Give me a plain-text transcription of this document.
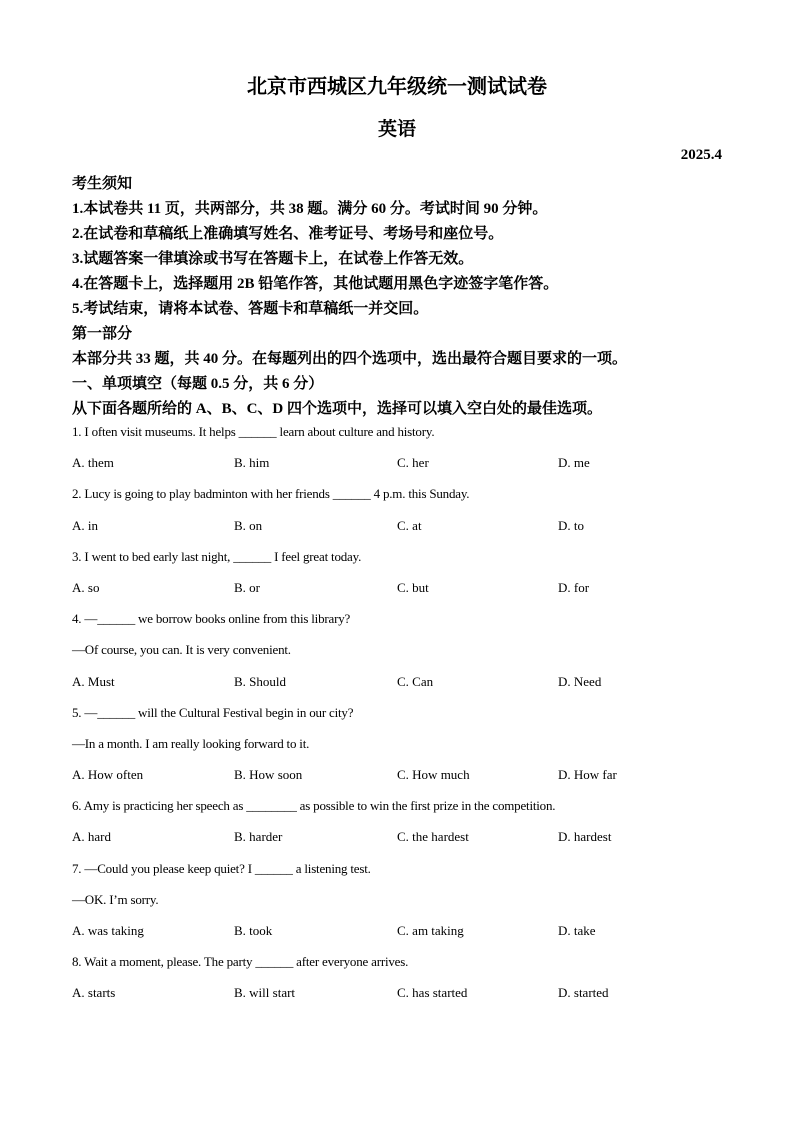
北京市西城区九年级统一测试试卷
英语
2025.4
考生须知
1.本试卷共 11 页，共两部分，共 38 题。满分 60 分。考试时间 90 分钟。
2.在试卷和草稿纸上准确填写姓名、准考证号、考场号和座位号。
3.试题答案一律填涂或书写在答题卡上，在试卷上作答无效。
4.在答题卡上，选择题用 2B 铅笔作答，其他试题用黑色字迹签字笔作答。
5.考试结束，请将本试卷、答题卡和草稿纸一并交回。
第一部分
本部分共 33 题，共 40 分。在每题列出的四个选项中，选出最符合题目要求的一项。
一、单项填空（每题 0.5 分，共 6 分）
从下面各题所给的 A、B、C、D 四个选项中，选择可以填入空白处的最佳选项。
1. I often visit museums. It helps ______ learn about culture and history.
A. them	B. him	C. her	D. me
2. Lucy is going to play badminton with her friends ______ 4 p.m. this Sunday.
A. in	B. on	C. at	D. to
3. I went to bed early last night, ______ I feel great today.
A. so	B. or	C. but	D. for
4. —______ we borrow books online from this library?
—Of course, you can. It is very convenient.
A. Must	B. Should	C. Can	D. Need
5. —______ will the Cultural Festival begin in our city?
—In a month. I am really looking forward to it.
A. How often	B. How soon	C. How much	D. How far
6. Amy is practicing her speech as ________ as possible to win the first prize in the competition.
A. hard	B. harder	C. the hardest	D. hardest
7. —Could you please keep quiet? I ______ a listening test.
—OK. I’m sorry.
A. was taking	B. took	C. am taking	D. take
8. Wait a moment, please. The party ______ after everyone arrives.
A. starts	B. will start	C. has started	D. started
